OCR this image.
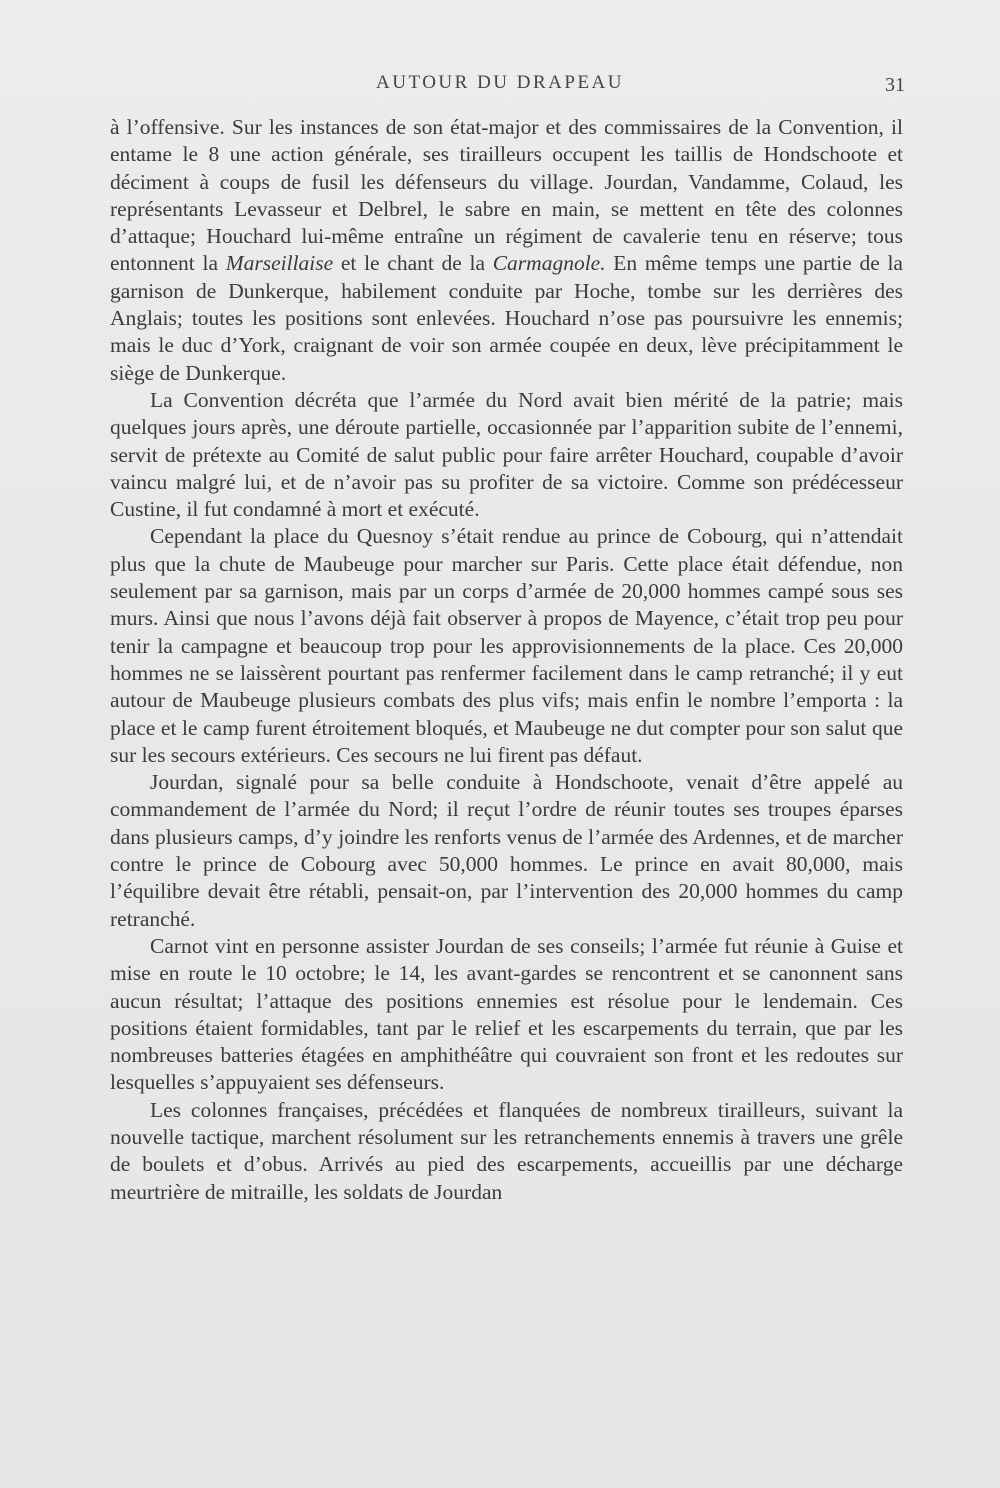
AUTOUR DU DRAPEAU	31

à l’offensive. Sur les instances de son état-major et des commissaires de la Convention, il entame le 8 une action générale, ses tirailleurs occupent les taillis de Hondschoote et déciment à coups de fusil les défenseurs du village. Jourdan, Vandamme, Colaud, les représentants Levasseur et Delbrel, le sabre en main, se mettent en tête des colonnes d’attaque; Houchard lui-même entraîne un régiment de cavalerie tenu en réserve; tous entonnent la Marseillaise et le chant de la Carmagnole. En même temps une partie de la garnison de Dunkerque, habilement conduite par Hoche, tombe sur les derrières des Anglais; toutes les positions sont enlevées. Houchard n’ose pas poursuivre les ennemis; mais le duc d’York, craignant de voir son armée coupée en deux, lève précipitamment le siège de Dunkerque.

La Convention décréta que l’armée du Nord avait bien mérité de la patrie; mais quelques jours après, une déroute partielle, occasionnée par l’apparition subite de l’ennemi, servit de prétexte au Comité de salut public pour faire arrêter Houchard, coupable d’avoir vaincu malgré lui, et de n’avoir pas su profiter de sa victoire. Comme son prédécesseur Custine, il fut condamné à mort et exécuté.

Cependant la place du Quesnoy s’était rendue au prince de Cobourg, qui n’attendait plus que la chute de Maubeuge pour marcher sur Paris. Cette place était défendue, non seulement par sa garnison, mais par un corps d’armée de 20,000 hommes campé sous ses murs. Ainsi que nous l’avons déjà fait observer à propos de Mayence, c’était trop peu pour tenir la campagne et beaucoup trop pour les approvisionnements de la place. Ces 20,000 hommes ne se laissèrent pourtant pas renfermer facilement dans le camp retranché; il y eut autour de Maubeuge plusieurs combats des plus vifs; mais enfin le nombre l’emporta : la place et le camp furent étroitement bloqués, et Maubeuge ne dut compter pour son salut que sur les secours extérieurs. Ces secours ne lui firent pas défaut.

Jourdan, signalé pour sa belle conduite à Hondschoote, venait d’être appelé au commandement de l’armée du Nord; il reçut l’ordre de réunir toutes ses troupes éparses dans plusieurs camps, d’y joindre les renforts venus de l’armée des Ardennes, et de marcher contre le prince de Cobourg avec 50,000 hommes. Le prince en avait 80,000, mais l’équilibre devait être rétabli, pensait-on, par l’intervention des 20,000 hommes du camp retranché.

Carnot vint en personne assister Jourdan de ses conseils; l’armée fut réunie à Guise et mise en route le 10 octobre; le 14, les avant-gardes se rencontrent et se canonnent sans aucun résultat; l’attaque des positions ennemies est résolue pour le lendemain. Ces positions étaient formidables, tant par le relief et les escarpements du terrain, que par les nombreuses batteries étagées en amphithéâtre qui couvraient son front et les redoutes sur lesquelles s’appuyaient ses défenseurs.

Les colonnes françaises, précédées et flanquées de nombreux tirailleurs, suivant la nouvelle tactique, marchent résolument sur les retranchements ennemis à travers une grêle de boulets et d’obus. Arrivés au pied des escarpements, accueillis par une décharge meurtrière de mitraille, les soldats de Jourdan
